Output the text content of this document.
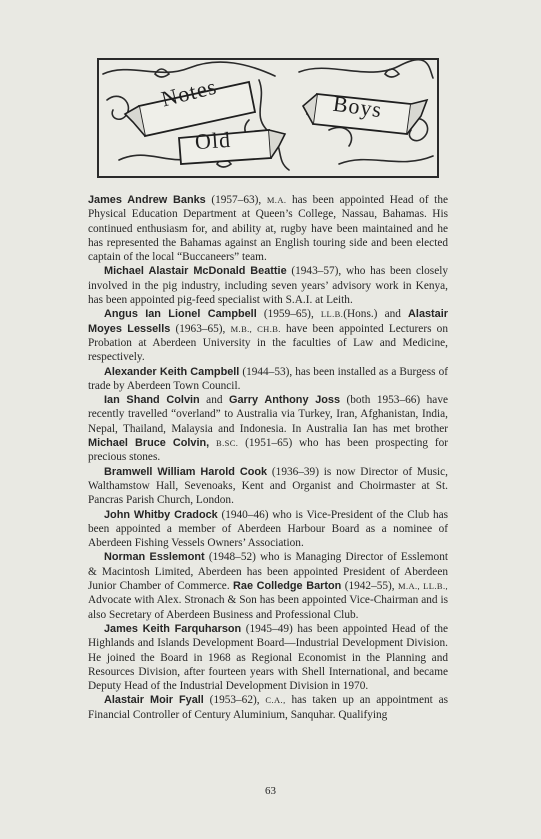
Notes
Old
Boys

James Andrew Banks (1957–63), M.A. has been appointed Head of the Physical Education Department at Queen’s College, Nassau, Bahamas. His continued enthusiasm for, and ability at, rugby have been maintained and he has represented the Bahamas against an English touring side and been elected captain of the local “Buccaneers” team.

Michael Alastair McDonald Beattie (1943–57), who has been closely involved in the pig industry, including seven years’ advisory work in Kenya, has been appointed pig-feed specialist with S.A.I. at Leith.

Angus Ian Lionel Campbell (1959–65), LL.B.(Hons.) and Alastair Moyes Lessells (1963–65), M.B., CH.B. have been appointed Lecturers on Probation at Aberdeen University in the faculties of Law and Medicine, respectively.

Alexander Keith Campbell (1944–53), has been installed as a Burgess of trade by Aberdeen Town Council.

Ian Shand Colvin and Garry Anthony Joss (both 1953–66) have recently travelled “overland” to Australia via Turkey, Iran, Afghanistan, India, Nepal, Thailand, Malaysia and Indonesia. In Australia Ian has met brother Michael Bruce Colvin, B.SC. (1951–65) who has been prospecting for precious stones.

Bramwell William Harold Cook (1936–39) is now Director of Music, Walthamstow Hall, Sevenoaks, Kent and Organist and Choirmaster at St. Pancras Parish Church, London.

John Whitby Cradock (1940–46) who is Vice-President of the Club has been appointed a member of Aberdeen Harbour Board as a nominee of Aberdeen Fishing Vessels Owners’ Association.

Norman Esslemont (1948–52) who is Managing Director of Esslemont & Macintosh Limited, Aberdeen has been appointed President of Aberdeen Junior Chamber of Commerce. Rae Colledge Barton (1942–55), M.A., LL.B., Advocate with Alex. Stronach & Son has been appointed Vice-Chairman and is also Secretary of Aberdeen Business and Professional Club.

James Keith Farquharson (1945–49) has been appointed Head of the Highlands and Islands Development Board—Industrial Development Division. He joined the Board in 1968 as Regional Economist in the Planning and Resources Division, after fourteen years with Shell International, and became Deputy Head of the Industrial Development Division in 1970.

Alastair Moir Fyall (1953–62), C.A., has taken up an appointment as Financial Controller of Century Aluminium, Sanquhar. Qualifying

63
